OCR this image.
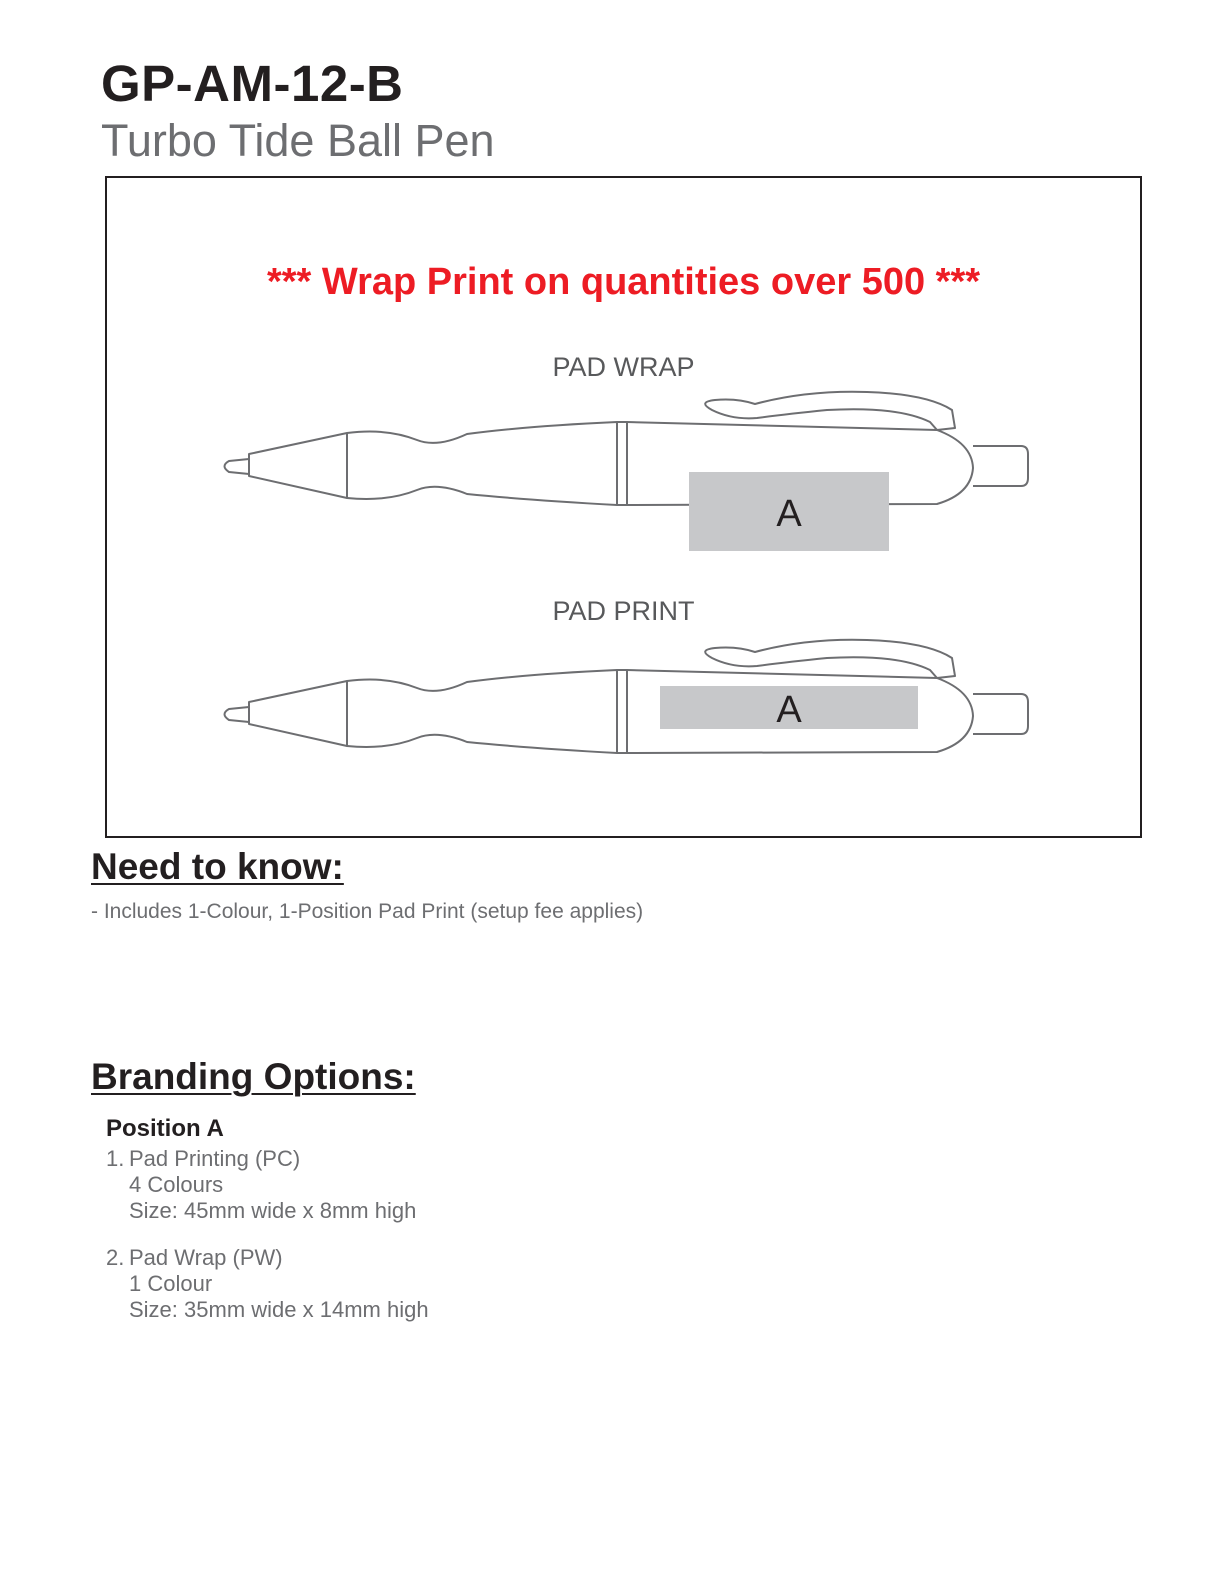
GP-AM-12-B
Turbo Tide Ball Pen
*** Wrap Print on quantities over 500 ***
PAD WRAP
A
A
PAD PRINT
Need to know:
- Includes 1-Colour, 1-Position Pad Print (setup fee applies)
Branding Options:
Position A
1. Pad Printing (PC)
4 Colours
Size: 45mm wide x 8mm high
2. Pad Wrap (PW)
1 Colour
Size: 35mm wide x 14mm high
